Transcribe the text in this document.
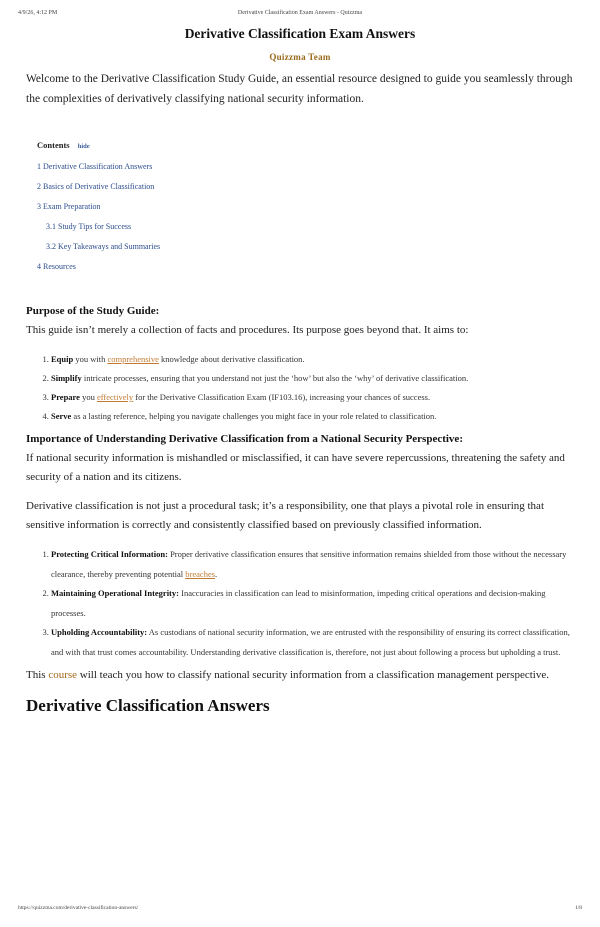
4/9/26, 4:12 PM	Derivative Classification Exam Answers - Quizzma
Derivative Classification Exam Answers
Quizzma Team

Welcome to the Derivative Classification Study Guide, an essential resource designed to guide you seamlessly through the complexities of derivatively classifying national security information.

Contents hide
1 Derivative Classification Answers
2 Basics of Derivative Classification
3 Exam Preparation
3.1 Study Tips for Success
3.2 Key Takeaways and Summaries
4 Resources
Purpose of the Study Guide:

This guide isn’t merely a collection of facts and procedures. Its purpose goes beyond that. It aims to:

1. Equip you with comprehensive knowledge about derivative classification.
2. Simplify intricate processes, ensuring that you understand not just the ‘how’ but also the ‘why’ of derivative classification.
3. Prepare you effectively for the Derivative Classification Exam (IF103.16), increasing your chances of success.
4. Serve as a lasting reference, helping you navigate challenges you might face in your role related to classification.
Importance of Understanding Derivative Classification from a National Security Perspective:

If national security information is mishandled or misclassified, it can have severe repercussions, threatening the safety and security of a nation and its citizens.

Derivative classification is not just a procedural task; it’s a responsibility, one that plays a pivotal role in ensuring that sensitive information is correctly and consistently classified based on previously classified information.

1. Protecting Critical Information: Proper derivative classification ensures that sensitive information remains shielded from those without the necessary clearance, thereby preventing potential breaches.
2. Maintaining Operational Integrity: Inaccuracies in classification can lead to misinformation, impeding critical operations and decision-making processes.
3. Upholding Accountability: As custodians of national security information, we are entrusted with the responsibility of ensuring its correct classification, and with that trust comes accountability. Understanding derivative classification is, therefore, not just about following a process but upholding a trust.

This course will teach you how to classify national security information from a classification management perspective.

Derivative Classification Answers
https://quizzma.com/derivative-classification-answers/	1/8
